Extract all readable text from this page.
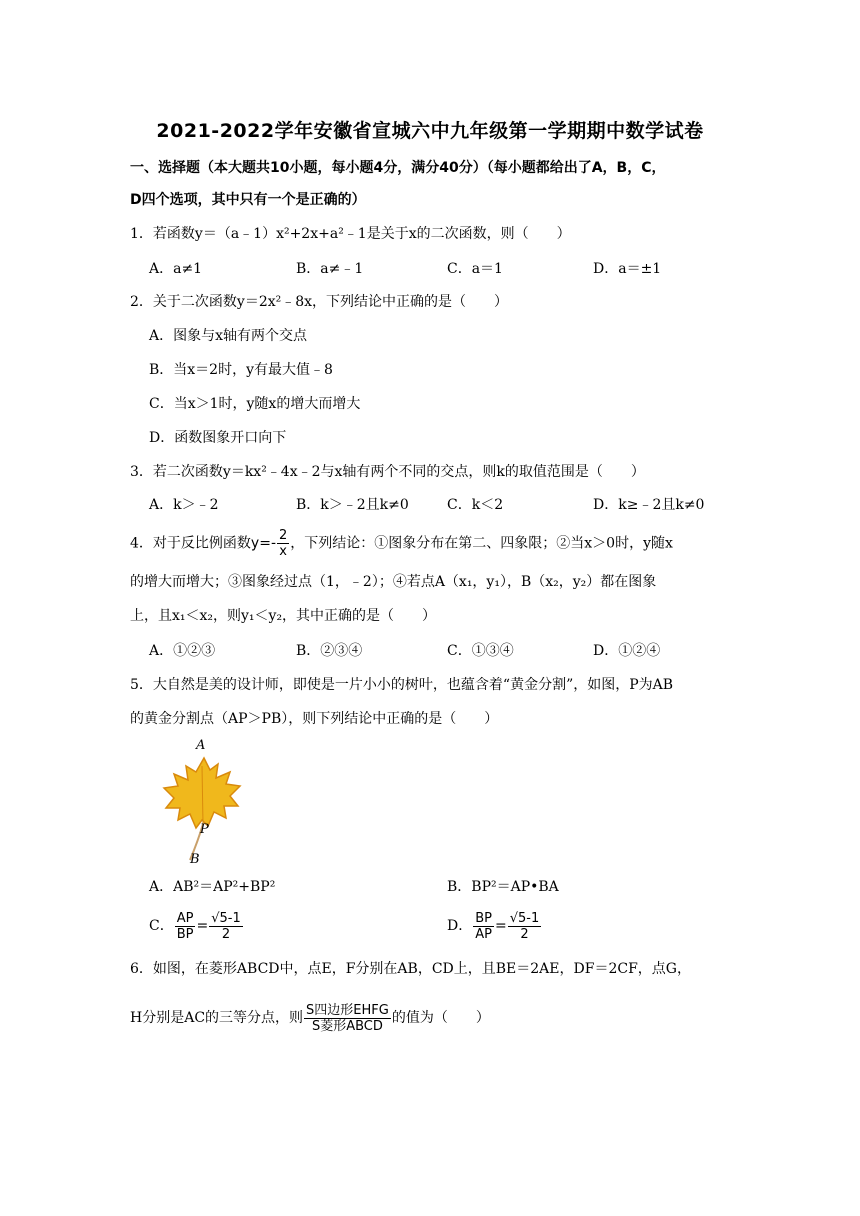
2021-2022学年安徽省宣城六中九年级第一学期期中数学试卷
一、选择题（本大题共10小题，每小题4分，满分40分）（每小题都给出了A，B，C，
D四个选项，其中只有一个是正确的）
1．若函数y＝（a﹣1）x²+2x+a²﹣1是关于x的二次函数，则（　　）
A．a≠1	B．a≠﹣1	C．a＝1	D．a＝±1
2．关于二次函数y＝2x²﹣8x，下列结论中正确的是（　　）
A．图象与x轴有两个交点
B．当x＝2时，y有最大值﹣8
C．当x＞1时，y随x的增大而增大
D．函数图象开口向下
3．若二次函数y＝kx²﹣4x﹣2与x轴有两个不同的交点，则k的取值范围是（　　）
A．k＞﹣2	B．k＞﹣2且k≠0	C．k＜2	D．k≥﹣2且k≠0
4．对于反比例函数$y=- \frac{2}{x}$ ，下列结论：①图象分布在第二、四象限；②当x＞0时，y随x
的增大而增大；③图象经过点（1，﹣2）；④若点A（x₁，y₁），B（x₂，y₂）都在图象
上，且x₁＜x₂，则y₁＜y₂，其中正确的是（　　）
A．①②③	B．②③④	C．①③④	D．①②④
5．大自然是美的设计师，即使是一片小小的树叶，也蕴含着“黄金分割”，如图，P为AB
的黄金分割点（AP＞PB），则下列结论中正确的是（　　）
A
P
B
A．AB²＝AP²+BP²	B．BP²＝AP•BA
C． $\frac{AP}{BP} = \frac{√5-1}{2}$	D． $\frac{BP}{AP} = \frac{√5-1}{2}$
6．如图，在菱形ABCD中，点E，F分别在AB，CD上，且BE＝2AE，DF＝2CF，点G，
H分别是AC的三等分点，则 $\frac{\text{S四边形EHFG}}{\text{S菱形ABCD}}$ 的值为（　　）
